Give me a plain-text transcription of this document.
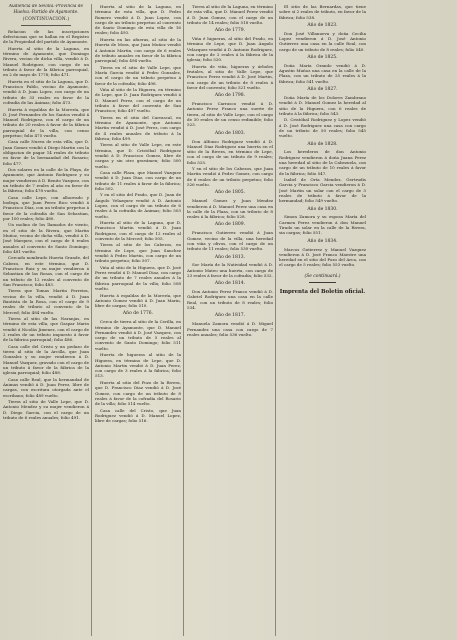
Audiencia de Sevilla.-Provincia de Huelva.-Partido de Ayamonte.

(CONTINUACION.)

Relacion de las inscripciones defectuosas que se hallan en el Registro de la Propiedad del partido de Ayamonte.

Huerta al sitio de la Laguna, en término de Ayamonte, que Domingo Rivera, vecino de dicha villa, vendió á D. Manuel Rodriguez, con cargo de un tributo á favor de la fábrica parroquial, en 2 de mayo de 1778; folio 471.

Huerta en el sitio de la Laguna, que D. Francisco Pablo, vecino de Ayamonte, vendió á D. Juan Lopez, con cargo de un tributo de 33 reales en favor de la cofradía de las Ánimas; folio 473.

Huerta á espaldas de la Morería, que D. José Fernandez de los Santos vendió á Manuel Rodriguez, con el cargo de un tributo de 20 reales á favor de la fábrica parroquial de la villa, con censo perpetuo; folio 475 vuelto.

Casa calle Nueva de esta villa, que D. Juan Gomez vendió á Diego Martin con la obligacion de pagar 14 reales de tributo en favor de la hermandad del Rosario; folio 477.

Dos solares en la calle de la Playa, de Ayamonte, que Antonio Rodriguez y su mujer vendieron á D. Benito Vazquez, con un tributo de 7 reales al año en favor de la fábrica; folio 478 vuelto.

Casa calle Lepe, con alhorrado y bodega, que Juan Perez Rico vendió á Francisco Díaz, con un tributo perpetuo á favor de la cofradía de San Sebastian, por 100 reales; folio 480.

Un molino de los llamados de viento, en el sitio de la Rivera, que Martin Muñoz, vecino de dicha villa, vendió á D. José Marquez, con el cargo de 8 reales anuales al convento de Santo Domingo; folio 481 vuelto.

Cercado nombrado Huerta Grande, del Cabezo, en este término, que D. Francisco Ruiz y su mujer vendieron á Sebastian de las Rosas, con el cargo de un tributo de 12 reales al convento de San Francisco; folio 483.

Tierra que Tomas Martin Ferreira, vecino de la villa, vendió á D. Juan Bautista de la Rosa, con el cargo de 9 reales de tributo al convento de la Merced; folio 484 vuelto.

Tierra al sitio de las Naranjas, en término de esta villa, que Gaspar Marin vendió á Nicolás Jimenez, con el cargo de 2 reales de un tributo impuesto á favor de la fábrica parroquial; folio 486.

Casa calle del Cristo y un pedazo de tierra al sitio de la Arcilla, que Juan Gonzalez y su mujer vendieron á D. Manuel Vazquez, gravado con el cargo de un tributo á favor de la fábrica de la iglesia parroquial; folio 488.

Casa calle Real, que la hermandad de Ánimas vendió á D. Juan Perez, libre de cargas, con escritura otorgada ante el escribano; folio 489 vuelto.

Tierra al sitio de Valle Lepe, que D. Antonio Mendez y su mujer vendieron á D. Diego Garcia, con el cargo de un tributo de 6 reales anuales; folio 491.

Huerta al sitio de la Laguna, en término de esta villa, que D. Pedro Romero vendió á D. Juan Lopez, con cargo de un tributo perpetuo al convento de Santo Domingo de esta villa de 16 reales; folio 493.

Huerta en las afueras, al sitio de la Huerta de Mora, que Juan Muñoz vendió á Antonio Martin, con cargo de 6 reales de tributo anuales en favor de la fábrica parroquial; folio 494 vuelto.

Tierra en el sitio de Valle Lepe, que María Garcia vendió á Pedro Gonzalez, con el cargo de un tributo perpetuo á favor de la cofradía; folio 496.

Viña al sitio de la Higuera, en término de Lepe, que D. Juan Rodriguez vendió á D. Manuel Perez, con el cargo de un tributo á favor del convento de San Francisco; folio 497 vuelto.

Tierra en el sitio del Carrascal, en término de Ayamonte, que Antonio Martin vendió á D. José Perez, con cargo de 4 reales anuales de tributo á la fábrica; folio 499.

Tierra al sitio de Valle Lepe, en este término, que D. Cristóbal Rodriguez vendió á D. Francisco Gomez, libre de cargas y sin otro gravámen; folio 500 vuelto.

Casa calle Plaza, que Manuel Vazquez vendió á D. Juan Diaz, con cargo de un tributo de 11 reales á favor de la fábrica; folio 502.

Y en el sitio del Prado, que D. Juan de Ángulo Velazquez vendió á D. Antonio Lopez, con el cargo de un tributo de 6 reales á la cofradía de Ánimas; folio 503 vuelto.

Huerta al sitio de la Laguna, que D. Francisco Martin vendió á D. Juan Rodriguez, con el cargo de 12 reales al convento de la Merced; folio 505.

Tierra al sitio de los Cabezos, en término de Lepe, que Juan Sanchez vendió á Pedro Martin, con cargo de un tributo perpetuo; folio 507.

Viña al sitio de la Higuera, que D. José Perez vendió á D. Manuel Diaz, con cargo de un tributo de 7 reales anuales á la fábrica parroquial de la villa; folio 508 vuelto.

Huerta á espaldas de la Morería, que Antonio Gomez vendió á D. Juan Marin, libre de cargas; folio 510.

Año de 1776.

Cerca de tierra al sitio de la Cerilla, en término de Ayamonte, que D. Manuel Fernandez vendió á D. José Vazquez, con cargo de un tributo de 5 reales al convento de Santo Domingo; folio 511 vuelto.

Huerta de higueras al sitio de la Higuera, en término de Lepe, que D. Antonio Martin vendió á D. Juan Perez, con cargo de 3 reales á la fábrica; folio 513.

Huerta al sitio del Pozo de la Rivera, que D. Francisco Diaz vendió á D. José Gomez, con cargo de un tributo de 8 reales á favor de la cofradía del Rosario de la villa; folio 514 vuelto.

Casa calle del Cristo, que Juan Rodriguez vendió á D. Manuel Lopez, libre de cargas; folio 516.

Tierra al sitio de la Laguna, en término de esta villa, que D. Manuel Perez vendió á D. Juan Gomez, con el cargo de un tributo de 14 reales; folio 518 vuelto.

Año de 1779.

Viña é higueras, al sitio del Prado, en término de Lepe, que D. Juan Ángulo Velazquez vendió á D. Antonio Rodriguez, con cargo de 2 reales á la fábrica de la iglesia; folio 520.

Huerta de viña, higueras y árboles frutales, al sitio de Valle Lepe, que Francisco Perez vendió á D. José Martin, con cargo de un tributo de 8 reales á favor del convento; folio 521 vuelto.

Año de 1798.

Francisco Carrasco vendió á D. Antonio Perez Franco una suerte de tierra, al sitio de Valle Lepe, con el cargo de 30 reales de un censo redimible; folio 523.

Año de 1803.

Don Alfonso Rodriguez vendió á D. Manuel Diaz Rodriguez una huerta en el sitio de la Rivera, en término de Lepe, con el cargo de un tributo de 9 reales; folio 525.

Y en el sitio de los Cabezos, que Juan Martin vendió á Pedro Gomez, con cargo de 6 reales de un tributo perpetuo; folio 526 vuelto.

Año de 1805.

Manuel Gomez y Juan Mendez vendieron á D. Manuel Perez una casa en la calle de la Plaza, con un tributo de 8 reales á la fábrica; folio 528.

Año de 1809.

Francisco Gutierrez vendió á Juan Gomez, vecino de la villa, una heredad con viña y olivos, con el cargo de un tributo de 11 reales; folio 530 vuelto.

Año de 1813.

Sor María de la Natividad vendió á D. Antonio Mateo una huerta, con cargo de 23 reales á favor de la cofradía; folio 532.

Año de 1814.

Don Antonio Perez Franco vendió á D. Gabriel Rodriguez una casa en la calle Real, con un tributo de 8 reales; folio 534.

Año de 1817.

Manuela Zamora vendió á D. Miguel Fernandez una casa con cargo de 7 reales anuales; folio 536 vuelto.

El sitio de las Bernardas, que tiene sobre sí 2 reales de tributo, en favor de la fábrica; folio 538.

Año de 1823.

Don José Villanueva y doña Cecilia Lopez vendieron á D. José Antonio Gutierrez una casa en la calle Real, con cargo de un tributo de 8 reales; folio 540.

Año de 1825.

Doña María Orando vendió á D. Agustin Muñoz una casa en la calle de la Plaza, con un tributo de 25 reales á la fábrica; folio 541 vuelto.

Año de 1827.

Doña María de los Dolores Zambrano vendió á D. Manuel Gomez la heredad al sitio de la Higuera, con 6 reales de tributo á la fábrica; folio 543.

D. Cristóbal Rodriguez y Lopez vendió á D. José Rodriguez una casa con cargo de un tributo de 50 reales; folio 545 vuelto.

Año de 1828.

Los herederos de don Antonio Rodriguez vendieron á doña Juana Perez una heredad al sitio de la Cabezuela, con cargo de un tributo de 10 reales á favor de la fábrica; folio 547.

Isabel de Orta Mendez, Gertrudis Garcia y Francisco Garcia vendieron á D. José Martin un solar con el cargo de 3 reales de tributo á favor de la hermandad; folio 549 vuelto.

Año de 1830.

Simon Zamora y su esposa María del Carmen Perez vendieron á don Manuel Tirado un solar en la calle de la Rivera, sin cargas; folio 551.

Año de 1834.

Marcos Gutierrez y Manuel Vazquez vendieron á D. José Franco Maestre una heredad en el sitio del Pozo del Arca, con el cargo de 5 reales; folio 553 vuelto.

(Se continuará.)

Imprenta del Boletin oficial.
